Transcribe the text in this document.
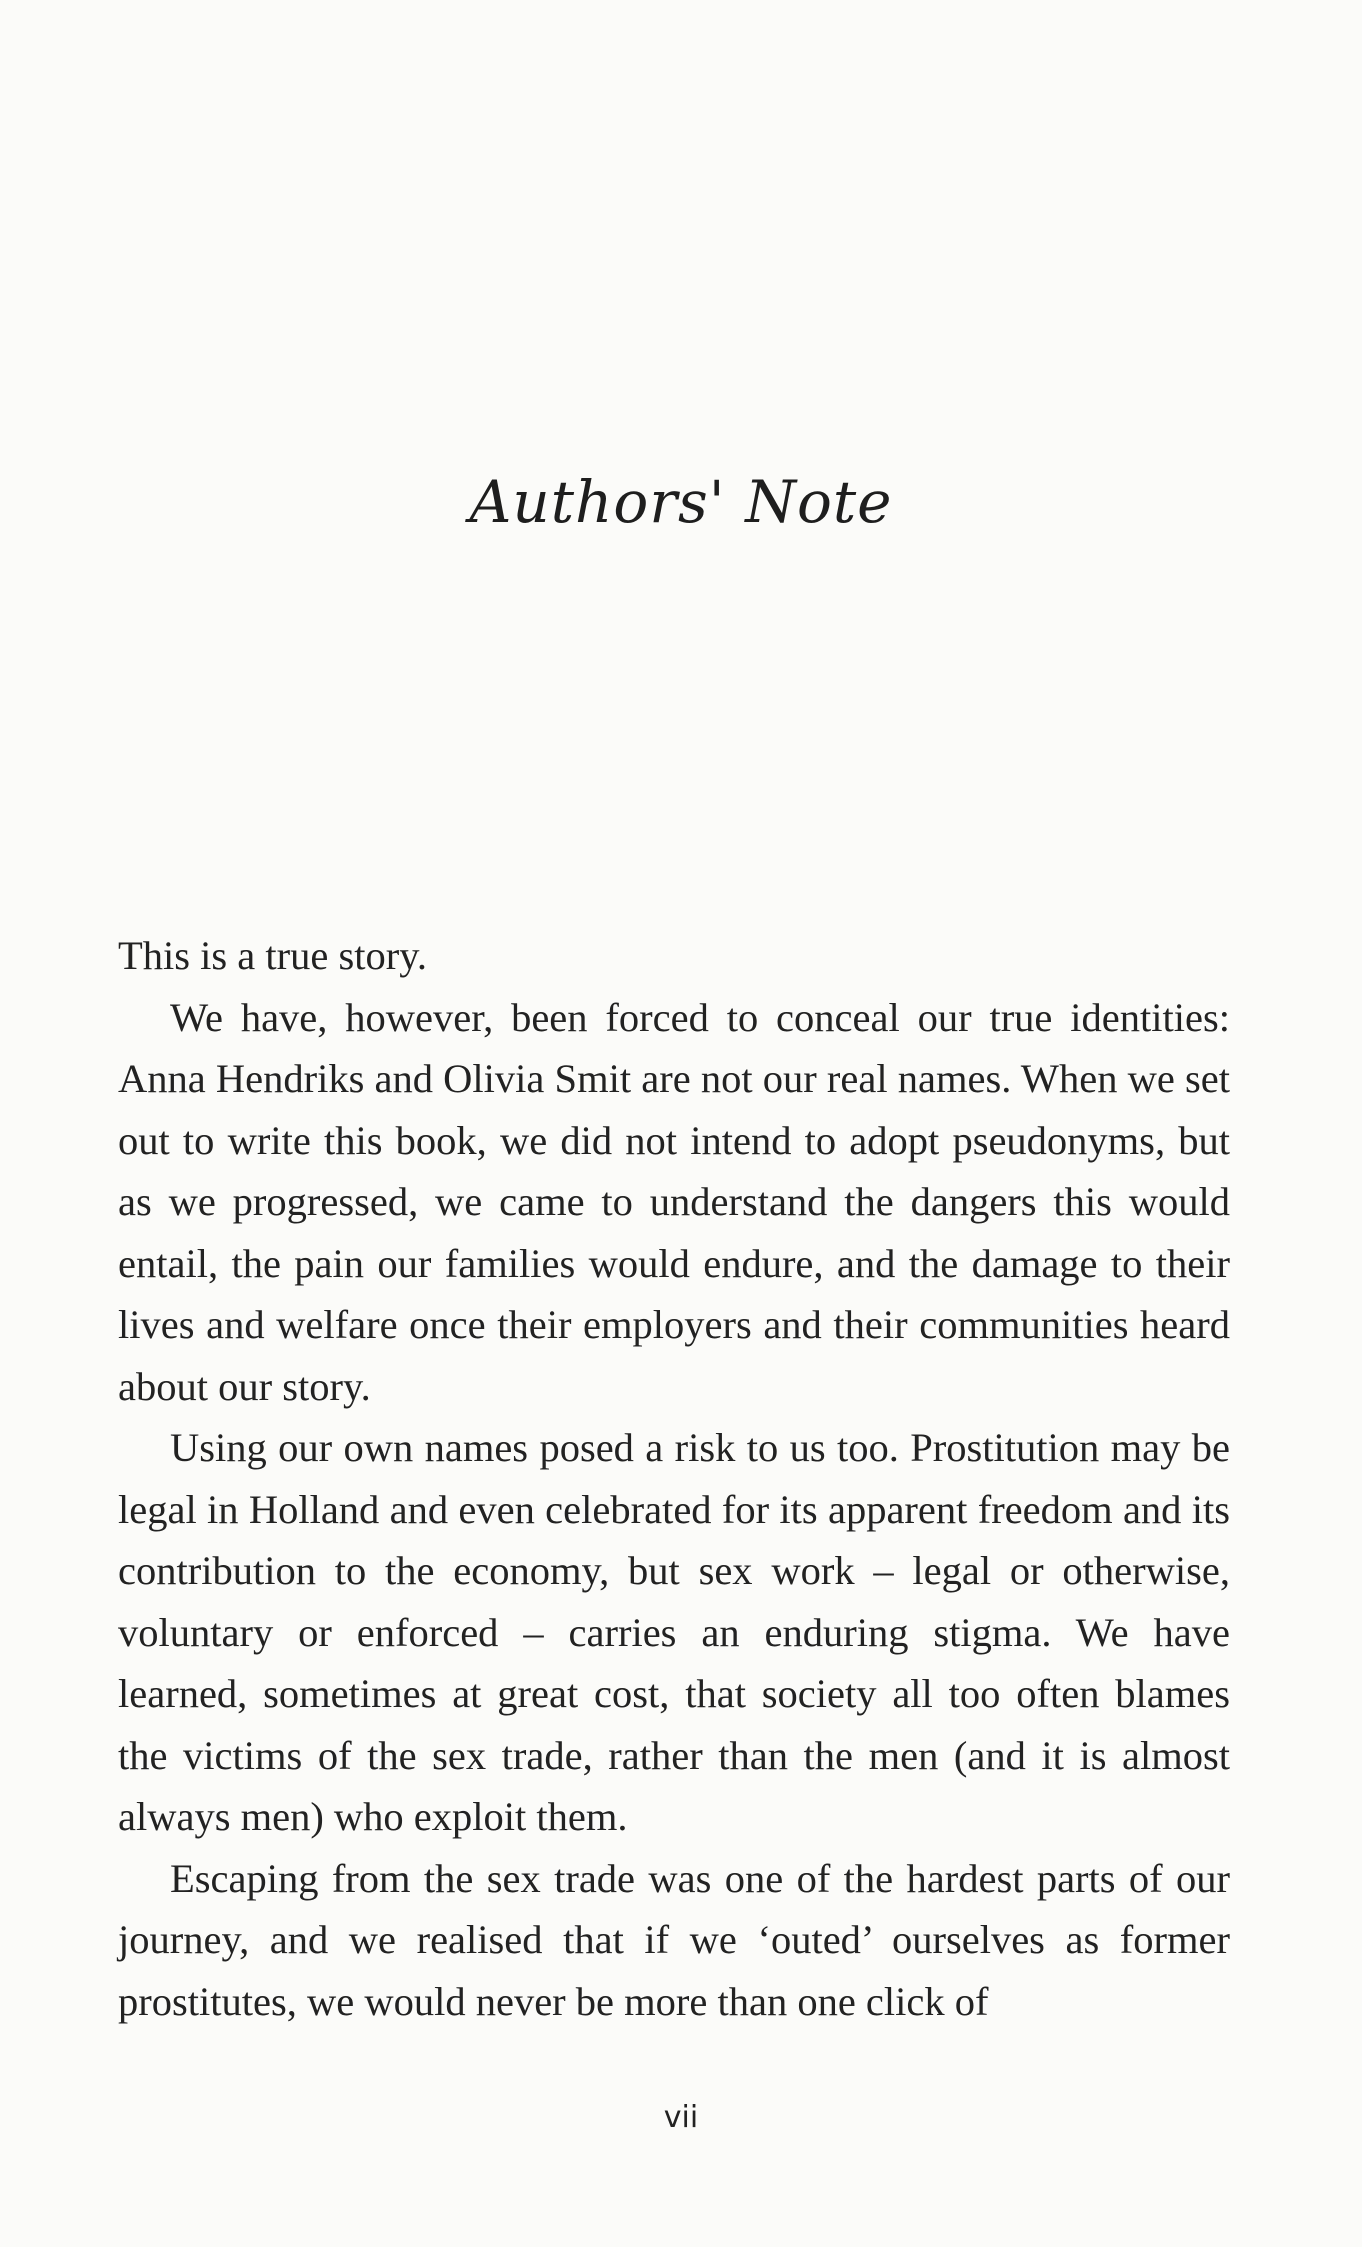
Authors' Note

This is a true story.

We have, however, been forced to conceal our true identities: Anna Hendriks and Olivia Smit are not our real names. When we set out to write this book, we did not intend to adopt pseudonyms, but as we progressed, we came to understand the dangers this would entail, the pain our families would endure, and the damage to their lives and welfare once their employers and their communities heard about our story.

Using our own names posed a risk to us too. Prostitution may be legal in Holland and even celebrated for its apparent freedom and its contribution to the economy, but sex work – legal or otherwise, voluntary or enforced – carries an enduring stigma. We have learned, sometimes at great cost, that society all too often blames the victims of the sex trade, rather than the men (and it is almost always men) who exploit them.

Escaping from the sex trade was one of the hardest parts of our journey, and we realised that if we ‘outed’ ourselves as former prostitutes, we would never be more than one click of

vii
